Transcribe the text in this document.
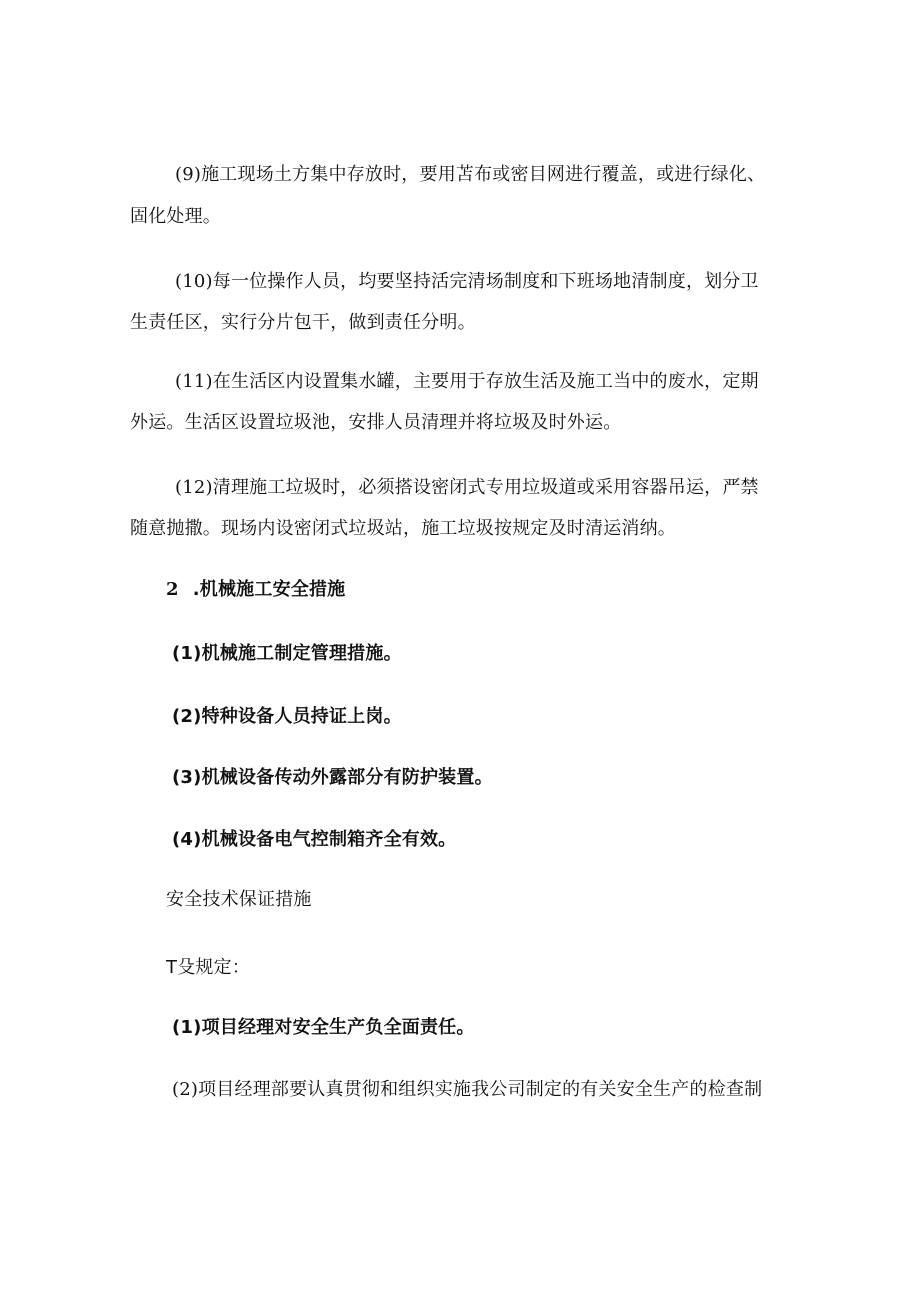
(9)施工现场土方集中存放时，要用苫布或密目网进行覆盖，或进行绿化、
固化处理。
(10)每一位操作人员，均要坚持活完清场制度和下班场地清制度，划分卫
生责任区，实行分片包干，做到责任分明。
(11)在生活区内设置集水罐，主要用于存放生活及施工当中的废水，定期
外运。生活区设置垃圾池，安排人员清理并将垃圾及时外运。
(12)清理施工垃圾时，必须搭设密闭式专用垃圾道或采用容器吊运，严禁
随意抛撒。现场内设密闭式垃圾站，施工垃圾按规定及时清运消纳。
2 .机械施工安全措施
(1)机械施工制定管理措施。
(2)特种设备人员持证上岗。
(3)机械设备传动外露部分有防护装置。
(4)机械设备电气控制箱齐全有效。
安全技术保证措施
T殳规定：
(1)项目经理对安全生产负全面责任。
(2)项目经理部要认真贯彻和组织实施我公司制定的有关安全生产的检查制
